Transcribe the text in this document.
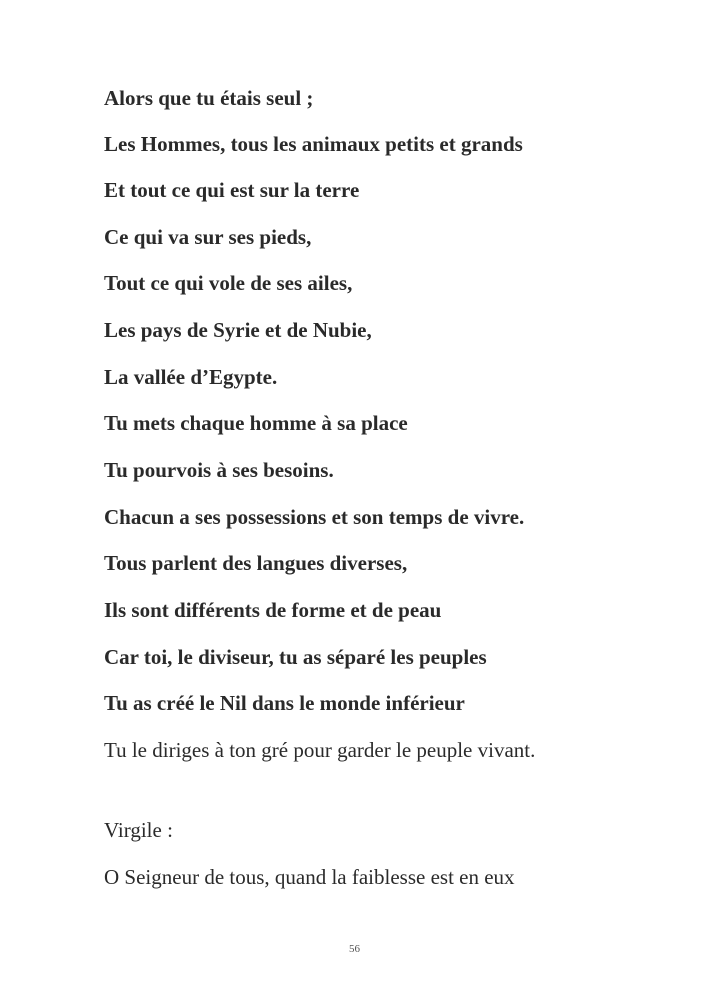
Alors que tu étais seul ;
Les Hommes, tous les animaux petits et grands
Et tout ce qui est sur la terre
Ce qui va sur ses pieds,
Tout ce qui vole de ses ailes,
Les pays de Syrie et de Nubie,
La vallée d’Egypte.
Tu mets chaque homme à sa place
Tu pourvois à ses besoins.
Chacun a ses possessions et son temps de vivre.
Tous parlent des langues diverses,
Ils sont différents de forme et de peau
Car toi, le diviseur, tu as séparé les peuples
Tu as créé le Nil dans le monde inférieur
Tu le diriges à ton gré pour garder le peuple vivant.
Virgile :
O Seigneur de tous, quand la faiblesse est en eux
56
